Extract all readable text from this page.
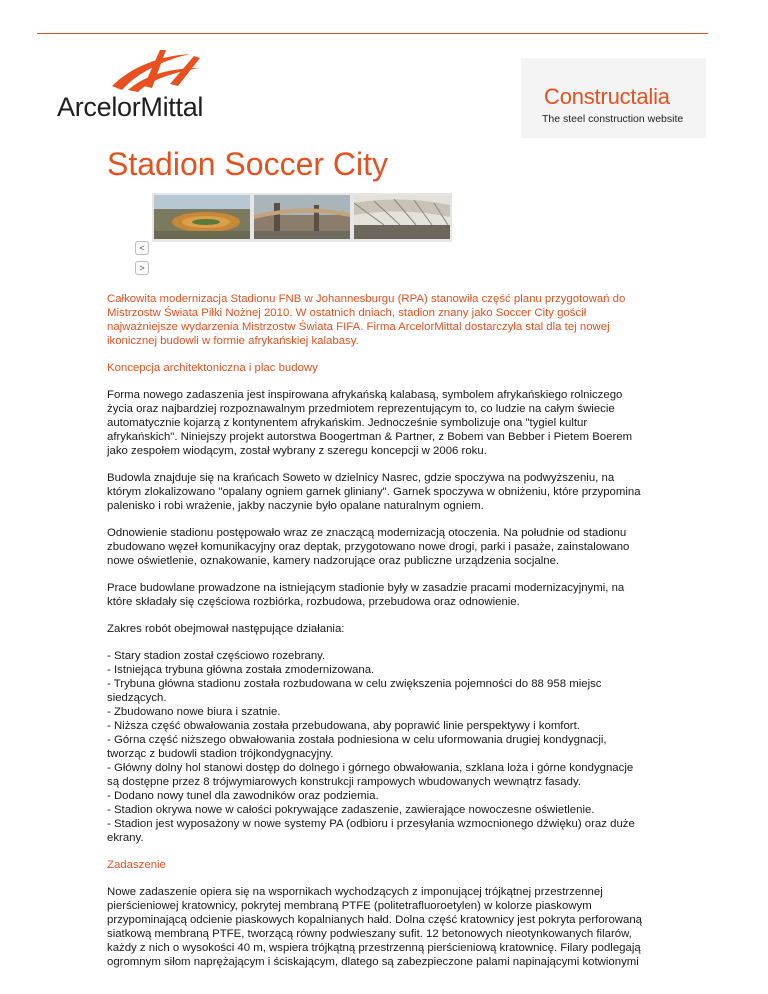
ArcelorMittal	Constructalia
The steel construction website
Stadion Soccer City
<
>

Całkowita modernizacja Stadionu FNB w Johannesburgu (RPA) stanowiła część planu przygotowań do Mistrzostw Świata Piłki Nożnej 2010. W ostatnich dniach, stadion znany jako Soccer City gościł najważniejsze wydarzenia Mistrzostw Świata FIFA. Firma ArcelorMittal dostarczyła stal dla tej nowej ikonicznej budowli w formie afrykańskiej kalabasy.

Koncepcja architektoniczna i plac budowy

Forma nowego zadaszenia jest inspirowana afrykańską kalabasą, symbolem afrykańskiego rolniczego życia oraz najbardziej rozpoznawalnym przedmiotem reprezentującym to, co ludzie na całym świecie automatycznie kojarzą z kontynentem afrykańskim. Jednocześnie symbolizuje ona "tygiel kultur afrykańskich". Niniejszy projekt autorstwa Boogertman & Partner, z Bobem van Bebber i Pietem Boerem jako zespołem wiodącym, został wybrany z szeregu koncepcji w 2006 roku.

Budowla znajduje się na krańcach Soweto w dzielnicy Nasrec, gdzie spoczywa na podwyższeniu, na którym zlokalizowano "opalany ogniem garnek gliniany". Garnek spoczywa w obniżeniu, które przypomina palenisko i robi wrażenie, jakby naczynie było opalane naturalnym ogniem.

Odnowienie stadionu postępowało wraz ze znaczącą modernizacją otoczenia. Na południe od stadionu zbudowano węzeł komunikacyjny oraz deptak, przygotowano nowe drogi, parki i pasaże, zainstalowano nowe oświetlenie, oznakowanie, kamery nadzorujące oraz publiczne urządzenia socjalne.

Prace budowlane prowadzone na istniejącym stadionie były w zasadzie pracami modernizacyjnymi, na które składały się częściowa rozbiórka, rozbudowa, przebudowa oraz odnowienie.

Zakres robót obejmował następujące działania:

- Stary stadion został częściowo rozebrany.
- Istniejąca trybuna główna została zmodernizowana.
- Trybuna główna stadionu została rozbudowana w celu zwiększenia pojemności do 88 958 miejsc siedzących.
- Zbudowano nowe biura i szatnie.
- Niższa część obwałowania została przebudowana, aby poprawić linie perspektywy i komfort.
- Górna część niższego obwałowania została podniesiona w celu uformowania drugiej kondygnacji, tworząc z budowli stadion trójkondygnacyjny.
- Główny dolny hol stanowi dostęp do dolnego i górnego obwałowania, szklana loża i górne kondygnacje są dostępne przez 8 trójwymiarowych konstrukcji rampowych wbudowanych wewnątrz fasady.
- Dodano nowy tunel dla zawodników oraz podziemia.
- Stadion okrywa nowe w całości pokrywające zadaszenie, zawierające nowoczesne oświetlenie.
- Stadion jest wyposażony w nowe systemy PA (odbioru i przesyłania wzmocnionego dźwięku) oraz duże ekrany.

Zadaszenie

Nowe zadaszenie opiera się na wspornikach wychodzących z imponującej trójkątnej przestrzennej pierścieniowej kratownicy, pokrytej membraną PTFE (politetrafluoroetylen) w kolorze piaskowym przypominającą odcienie piaskowych kopalnianych hałd. Dolna część kratownicy jest pokryta perforowaną siatkową membraną PTFE, tworzącą równy podwieszany sufit. 12 betonowych nieotynkowanych filarów, każdy z nich o wysokości 40 m, wspiera trójkątną przestrzenną pierścieniową kratownicę. Filary podlegają ogromnym siłom naprężającym i ściskającym, dlatego są zabezpieczone palami napinającymi kotwionymi
